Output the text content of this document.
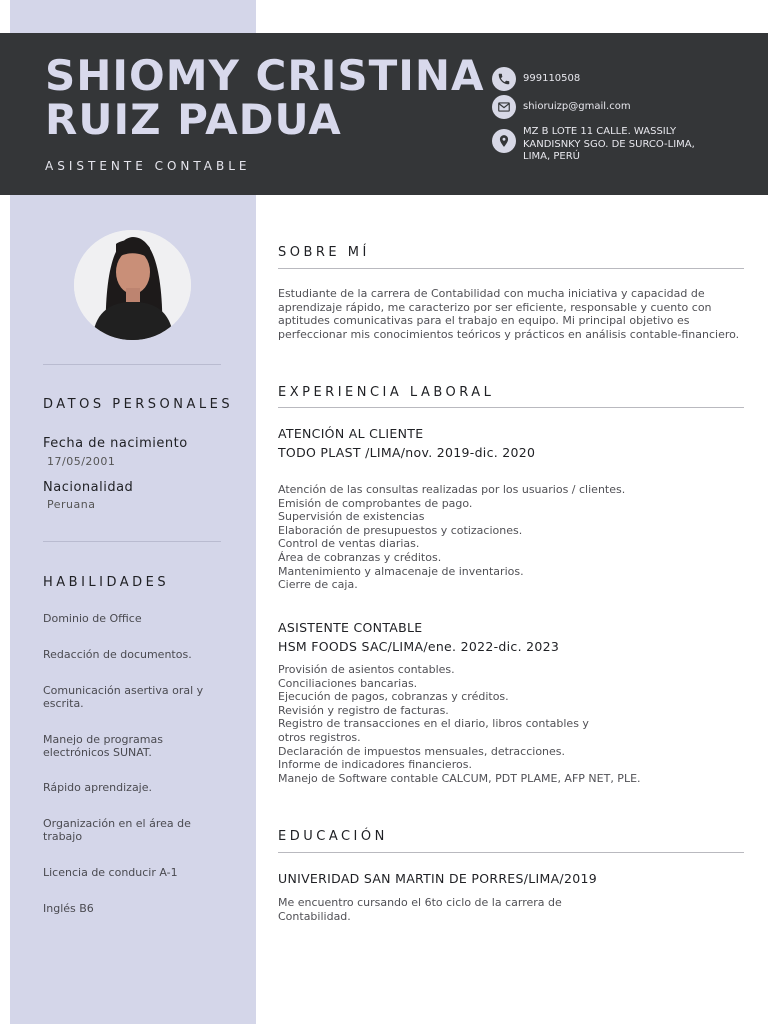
SHIOMY CRISTINA
RUIZ PADUA
ASISTENTE CONTABLE
999110508
shioruizp@gmail.com
MZ B LOTE 11 CALLE. WASSILY
KANDISNKY SGO. DE SURCO-LIMA,
LIMA, PERÚ
DATOS PERSONALES
Fecha de nacimiento
17/05/2001
Nacionalidad
Peruana
HABILIDADES
Dominio de Office
Redacción de documentos.
Comunicación asertiva oral y escrita.
Manejo de programas electrónicos SUNAT.
Rápido aprendizaje.
Organización en el área de trabajo
Licencia de conducir A-1
Inglés B6
SOBRE MÍ
Estudiante de la carrera de Contabilidad con mucha iniciativa y capacidad de
aprendizaje rápido, me caracterizo por ser eficiente, responsable y cuento con
aptitudes comunicativas para el trabajo en equipo. Mi principal objetivo es
perfeccionar mis conocimientos teóricos y prácticos en análisis contable-financiero.
EXPERIENCIA LABORAL
ATENCIÓN AL CLIENTE
TODO PLAST /LIMA/nov. 2019-dic. 2020
Atención de las consultas realizadas por los usuarios / clientes.
Emisión de comprobantes de pago.
Supervisión de existencias
Elaboración de presupuestos y cotizaciones.
Control de ventas diarias.
Área de cobranzas y créditos.
Mantenimiento y almacenaje de inventarios.
Cierre de caja.
ASISTENTE CONTABLE
HSM FOODS SAC/LIMA/ene. 2022-dic. 2023
Provisión de asientos contables.
Conciliaciones bancarias.
Ejecución de pagos, cobranzas y créditos.
Revisión y registro de facturas.
Registro de transacciones en el diario, libros contables y
otros registros.
Declaración de impuestos mensuales, detracciones.
Informe de indicadores financieros.
Manejo de Software contable CALCUM, PDT PLAME, AFP NET, PLE.
EDUCACIÓN
UNIVERIDAD SAN MARTIN DE PORRES/LIMA/2019
Me encuentro cursando el 6to ciclo de la carrera de
Contabilidad.
